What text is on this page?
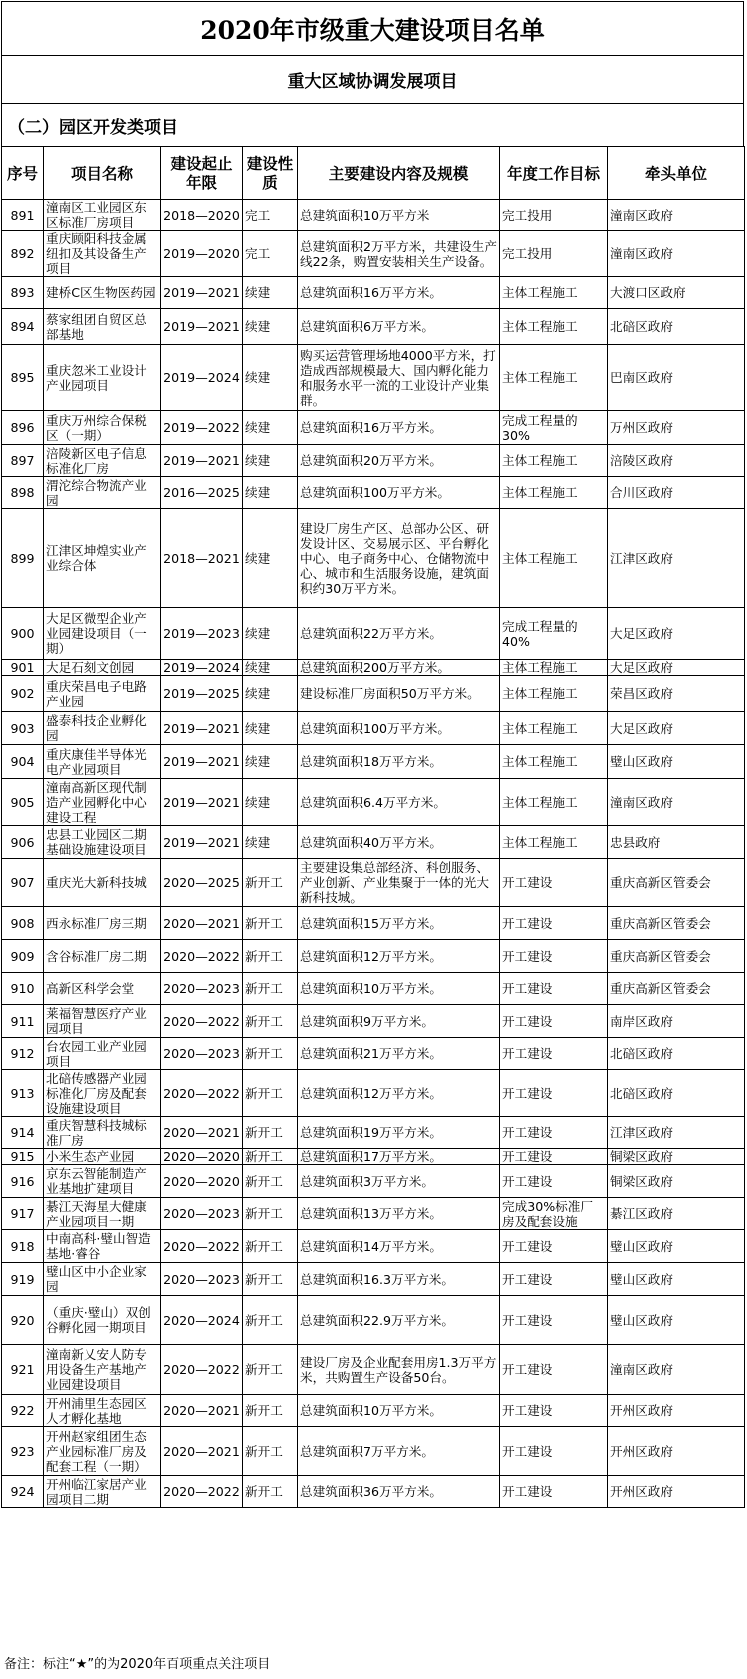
2020年市级重大建设项目名单
重大区域协调发展项目
（二）园区开发类项目
序号	项目名称	建设起止年限	建设性质	主要建设内容及规模	年度工作目标	牵头单位
891	潼南区工业园区东区标准厂房项目	2018—2020	完工	总建筑面积10万平方米	完工投用	潼南区政府
892	重庆顾阳科技金属纽扣及其设备生产项目	2019—2020	完工	总建筑面积2万平方米，共建设生产线22条，购置安装相关生产设备。	完工投用	潼南区政府
893	建桥C区生物医药园	2019—2021	续建	总建筑面积16万平方米。	主体工程施工	大渡口区政府
894	蔡家组团自贸区总部基地	2019—2021	续建	总建筑面积6万平方米。	主体工程施工	北碚区政府
895	重庆忽米工业设计产业园项目	2019—2024	续建	购买运营管理场地4000平方米，打造成西部规模最大、国内孵化能力和服务水平一流的工业设计产业集群。	主体工程施工	巴南区政府
896	重庆万州综合保税区（一期）	2019—2022	续建	总建筑面积16万平方米。	完成工程量的30%	万州区政府
897	涪陵新区电子信息标准化厂房	2019—2021	续建	总建筑面积20万平方米。	主体工程施工	涪陵区政府
898	渭沱综合物流产业园	2016—2025	续建	总建筑面积100万平方米。	主体工程施工	合川区政府
899	江津区坤煌实业产业综合体	2018—2021	续建	建设厂房生产区、总部办公区、研发设计区、交易展示区、平台孵化中心、电子商务中心、仓储物流中心、城市和生活服务设施，建筑面积约30万平方米。	主体工程施工	江津区政府
900	大足区微型企业产业园建设项目（一期）	2019—2023	续建	总建筑面积22万平方米。	完成工程量的40%	大足区政府
901	大足石刻文创园	2019—2024	续建	总建筑面积200万平方米。	主体工程施工	大足区政府
902	重庆荣昌电子电路产业园	2019—2025	续建	建设标准厂房面积50万平方米。	主体工程施工	荣昌区政府
903	盛泰科技企业孵化园	2019—2021	续建	总建筑面积100万平方米。	主体工程施工	大足区政府
904	重庆康佳半导体光电产业园项目	2019—2021	续建	总建筑面积18万平方米。	主体工程施工	璧山区政府
905	潼南高新区现代制造产业园孵化中心建设工程	2019—2021	续建	总建筑面积6.4万平方米。	主体工程施工	潼南区政府
906	忠县工业园区二期基础设施建设项目	2019—2021	续建	总建筑面积40万平方米。	主体工程施工	忠县政府
907	重庆光大新科技城	2020—2025	新开工	主要建设集总部经济、科创服务、产业创新、产业集聚于一体的光大新科技城。	开工建设	重庆高新区管委会
908	西永标准厂房三期	2020—2021	新开工	总建筑面积15万平方米。	开工建设	重庆高新区管委会
909	含谷标准厂房二期	2020—2022	新开工	总建筑面积12万平方米。	开工建设	重庆高新区管委会
910	高新区科学会堂	2020—2023	新开工	总建筑面积10万平方米。	开工建设	重庆高新区管委会
911	莱福智慧医疗产业园项目	2020—2022	新开工	总建筑面积9万平方米。	开工建设	南岸区政府
912	台农园工业产业园项目	2020—2023	新开工	总建筑面积21万平方米。	开工建设	北碚区政府
913	北碚传感器产业园标准化厂房及配套设施建设项目	2020—2022	新开工	总建筑面积12万平方米。	开工建设	北碚区政府
914	重庆智慧科技城标准厂房	2020—2021	新开工	总建筑面积19万平方米。	开工建设	江津区政府
915	小米生态产业园	2020—2020	新开工	总建筑面积17万平方米。	开工建设	铜梁区政府
916	京东云智能制造产业基地扩建项目	2020—2020	新开工	总建筑面积3万平方米。	开工建设	铜梁区政府
917	綦江天海星大健康产业园项目一期	2020—2023	新开工	总建筑面积13万平方米。	完成30%标准厂房及配套设施	綦江区政府
918	中南高科·璧山智造基地·睿谷	2020—2022	新开工	总建筑面积14万平方米。	开工建设	璧山区政府
919	璧山区中小企业家园	2020—2023	新开工	总建筑面积16.3万平方米。	开工建设	璧山区政府
920	（重庆·璧山）双创谷孵化园一期项目	2020—2024	新开工	总建筑面积22.9万平方米。	开工建设	璧山区政府
921	潼南新乂安人防专用设备生产基地产业园建设项目	2020—2022	新开工	建设厂房及企业配套用房1.3万平方米，共购置生产设备50台。	开工建设	潼南区政府
922	开州浦里生态园区人才孵化基地	2020—2021	新开工	总建筑面积10万平方米。	开工建设	开州区政府
923	开州赵家组团生态产业园标准厂房及配套工程（一期）	2020—2021	新开工	总建筑面积7万平方米。	开工建设	开州区政府
924	开州临江家居产业园项目二期	2020—2022	新开工	总建筑面积36万平方米。	开工建设	开州区政府
备注：标注“★”的为2020年百项重点关注项目
